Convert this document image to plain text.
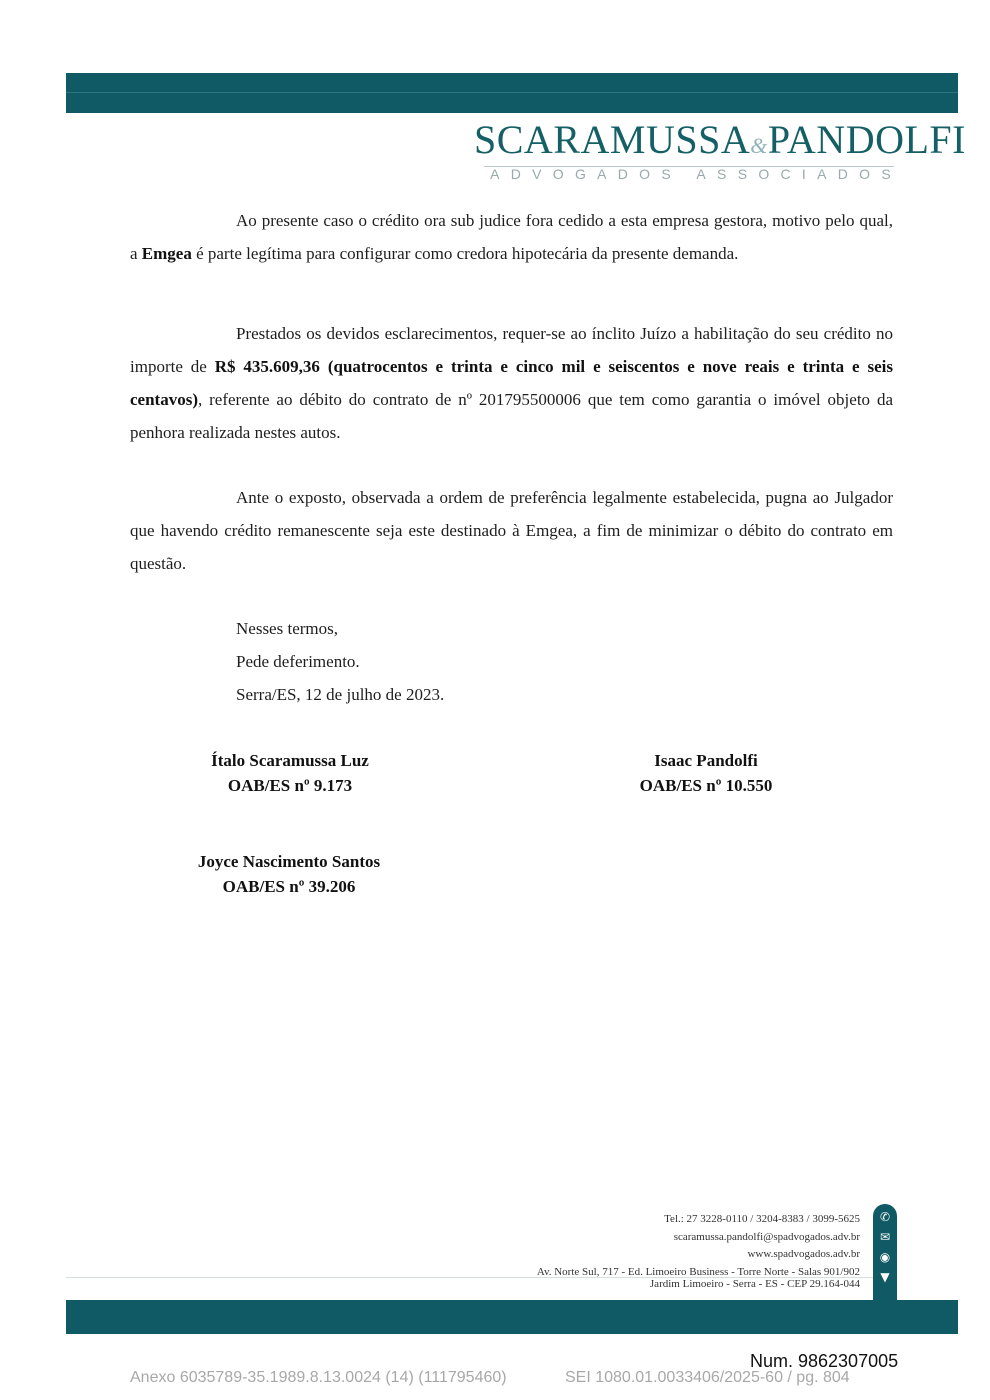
SCARAMUSSA&PANDOLFI
ADVOGADOS ASSOCIADOS

Ao presente caso o crédito ora sub judice fora cedido a esta empresa gestora, motivo pelo qual, a Emgea é parte legítima para configurar como credora hipotecária da presente demanda.

Prestados os devidos esclarecimentos, requer-se ao ínclito Juízo a habilitação do seu crédito no importe de R$ 435.609,36 (quatrocentos e trinta e cinco mil e seiscentos e nove reais e trinta e seis centavos), referente ao débito do contrato de nº 201795500006 que tem como garantia o imóvel objeto da penhora realizada nestes autos.

Ante o exposto, observada a ordem de preferência legalmente estabelecida, pugna ao Julgador que havendo crédito remanescente seja este destinado à Emgea, a fim de minimizar o débito do contrato em questão.

Nesses termos,
Pede deferimento.
Serra/ES, 12 de julho de 2023.
Ítalo Scaramussa Luz
OAB/ES nº 9.173
Isaac Pandolfi
OAB/ES nº 10.550
Joyce Nascimento Santos
OAB/ES nº 39.206
Tel.: 27 3228-0110 / 3204-8383 / 3099-5625
scaramussa.pandolfi@spadvogados.adv.br
www.spadvogados.adv.br
Av. Norte Sul, 717 - Ed. Limoeiro Business - Torre Norte - Salas 901/902
Jardim Limoeiro - Serra - ES - CEP 29.164-044
✆
✉
◉
▼
Num. 9862307005
Anexo 6035789-35.1989.8.13.0024 (14) (111795460)	SEI 1080.01.0033406/2025-60 / pg. 804
